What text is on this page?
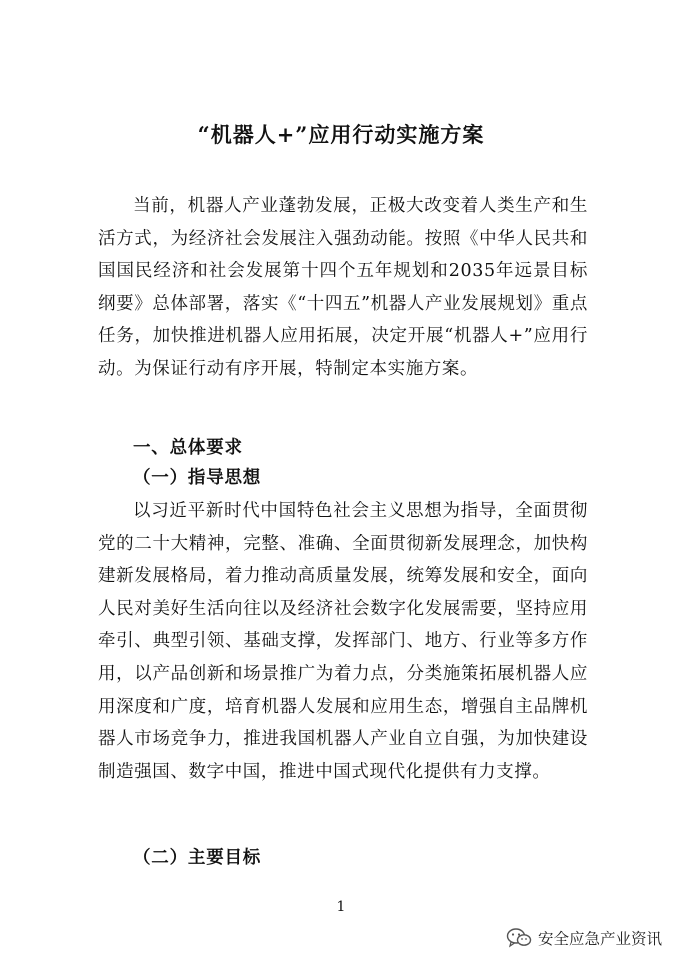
“机器人+”应用行动实施方案

当前，机器人产业蓬勃发展，正极大改变着人类生产和生活方式，为经济社会发展注入强劲动能。按照《中华人民共和国国民经济和社会发展第十四个五年规划和2035年远景目标纲要》总体部署，落实《“十四五”机器人产业发展规划》重点任务，加快推进机器人应用拓展，决定开展“机器人+”应用行动。为保证行动有序开展，特制定本实施方案。

一、总体要求
（一）指导思想

以习近平新时代中国特色社会主义思想为指导，全面贯彻党的二十大精神，完整、准确、全面贯彻新发展理念，加快构建新发展格局，着力推动高质量发展，统筹发展和安全，面向人民对美好生活向往以及经济社会数字化发展需要，坚持应用牵引、典型引领、基础支撑，发挥部门、地方、行业等多方作用，以产品创新和场景推广为着力点，分类施策拓展机器人应用深度和广度，培育机器人发展和应用生态，增强自主品牌机器人市场竞争力，推进我国机器人产业自立自强，为加快建设制造强国、数字中国，推进中国式现代化提供有力支撑。

（二）主要目标
1
安全应急产业资讯
